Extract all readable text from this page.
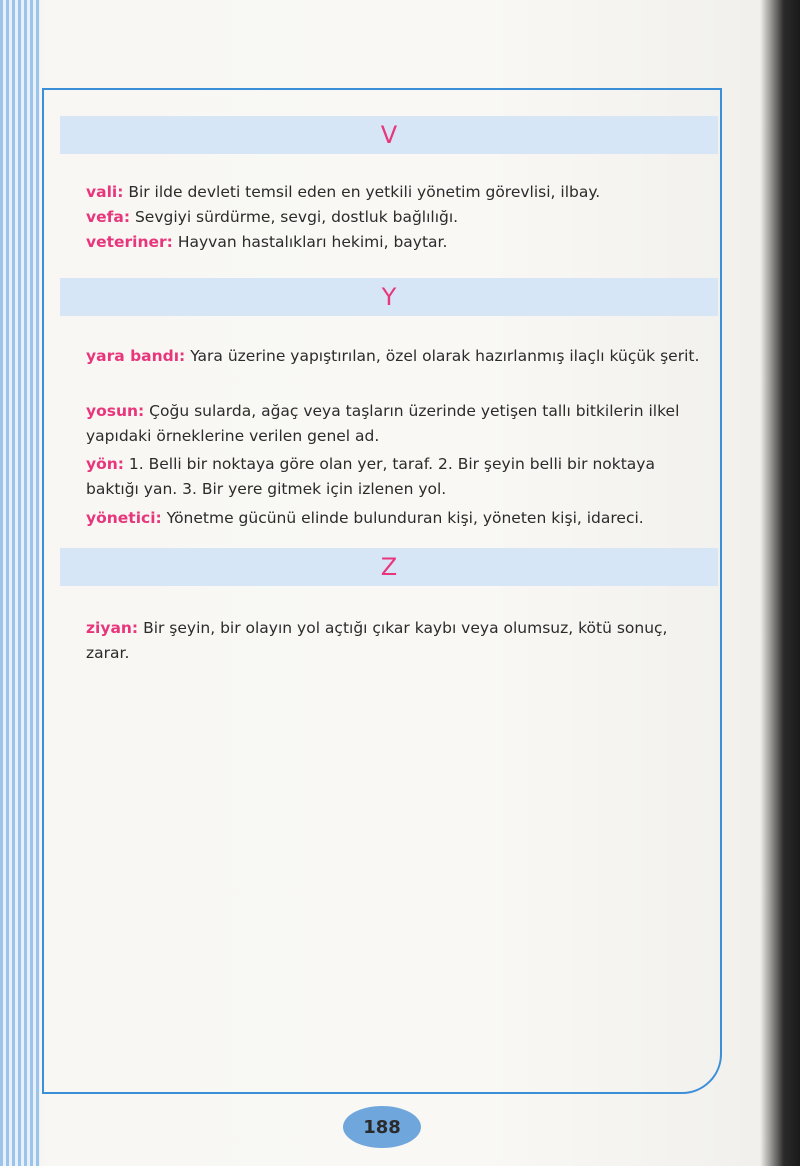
V
vali: Bir ilde devleti temsil eden en yetkili yönetim görevlisi, ilbay.
vefa: Sevgiyi sürdürme, sevgi, dostluk bağlılığı.
veteriner: Hayvan hastalıkları hekimi, baytar.
Y
yara bandı: Yara üzerine yapıştırılan, özel olarak hazırlanmış ilaçlı küçük şerit.
yosun: Çoğu sularda, ağaç veya taşların üzerinde yetişen tallı bitkilerin ilkel yapıdaki örneklerine verilen genel ad.
yön: 1. Belli bir noktaya göre olan yer, taraf. 2. Bir şeyin belli bir noktaya baktığı yan. 3. Bir yere gitmek için izlenen yol.
yönetici: Yönetme gücünü elinde bulunduran kişi, yöneten kişi, idareci.
Z
ziyan: Bir şeyin, bir olayın yol açtığı çıkar kaybı veya olumsuz, kötü sonuç, zarar.
188
